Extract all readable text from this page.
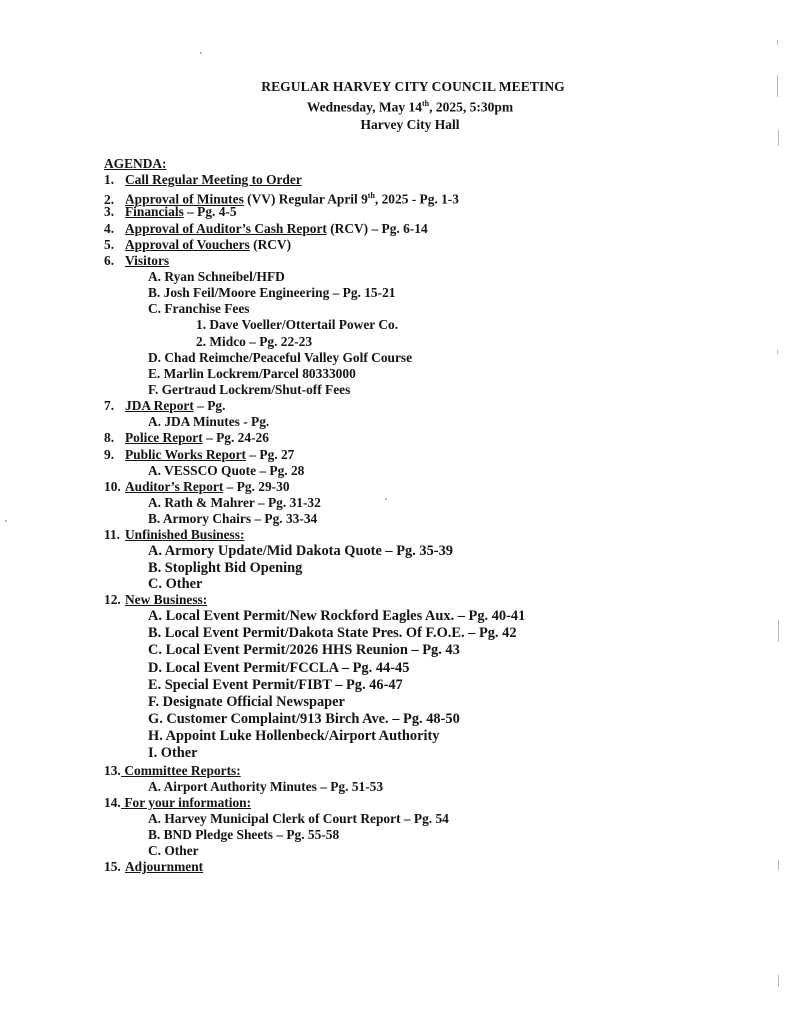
REGULAR HARVEY CITY COUNCIL MEETING
Wednesday, May 14th, 2025, 5:30pm
Harvey City Hall
AGENDA:
1. Call Regular Meeting to Order
2. Approval of Minutes (VV) Regular April 9th, 2025 - Pg. 1-3
3. Financials – Pg. 4-5
4. Approval of Auditor’s Cash Report (RCV) – Pg. 6-14
5. Approval of Vouchers (RCV)
6. Visitors
A. Ryan Schneibel/HFD
B. Josh Feil/Moore Engineering – Pg. 15-21
C. Franchise Fees
1. Dave Voeller/Ottertail Power Co.
2. Midco – Pg. 22-23
D. Chad Reimche/Peaceful Valley Golf Course
E. Marlin Lockrem/Parcel 80333000
F. Gertraud Lockrem/Shut-off Fees
7. JDA Report – Pg.
A. JDA Minutes - Pg.
8. Police Report – Pg. 24-26
9. Public Works Report – Pg. 27
A. VESSCO Quote – Pg. 28
10. Auditor’s Report – Pg. 29-30
A. Rath & Mahrer – Pg. 31-32
B. Armory Chairs – Pg. 33-34
11. Unfinished Business:
A. Armory Update/Mid Dakota Quote – Pg. 35-39
B. Stoplight Bid Opening
C. Other
12. New Business:
A. Local Event Permit/New Rockford Eagles Aux. – Pg. 40-41
B. Local Event Permit/Dakota State Pres. Of F.O.E. – Pg. 42
C. Local Event Permit/2026 HHS Reunion – Pg. 43
D. Local Event Permit/FCCLA – Pg. 44-45
E. Special Event Permit/FIBT – Pg. 46-47
F. Designate Official Newspaper
G. Customer Complaint/913 Birch Ave. – Pg. 48-50
H. Appoint Luke Hollenbeck/Airport Authority
I. Other
13. Committee Reports:
A. Airport Authority Minutes – Pg. 51-53
14. For your information:
A. Harvey Municipal Clerk of Court Report – Pg. 54
B. BND Pledge Sheets – Pg. 55-58
C. Other
15. Adjournment
